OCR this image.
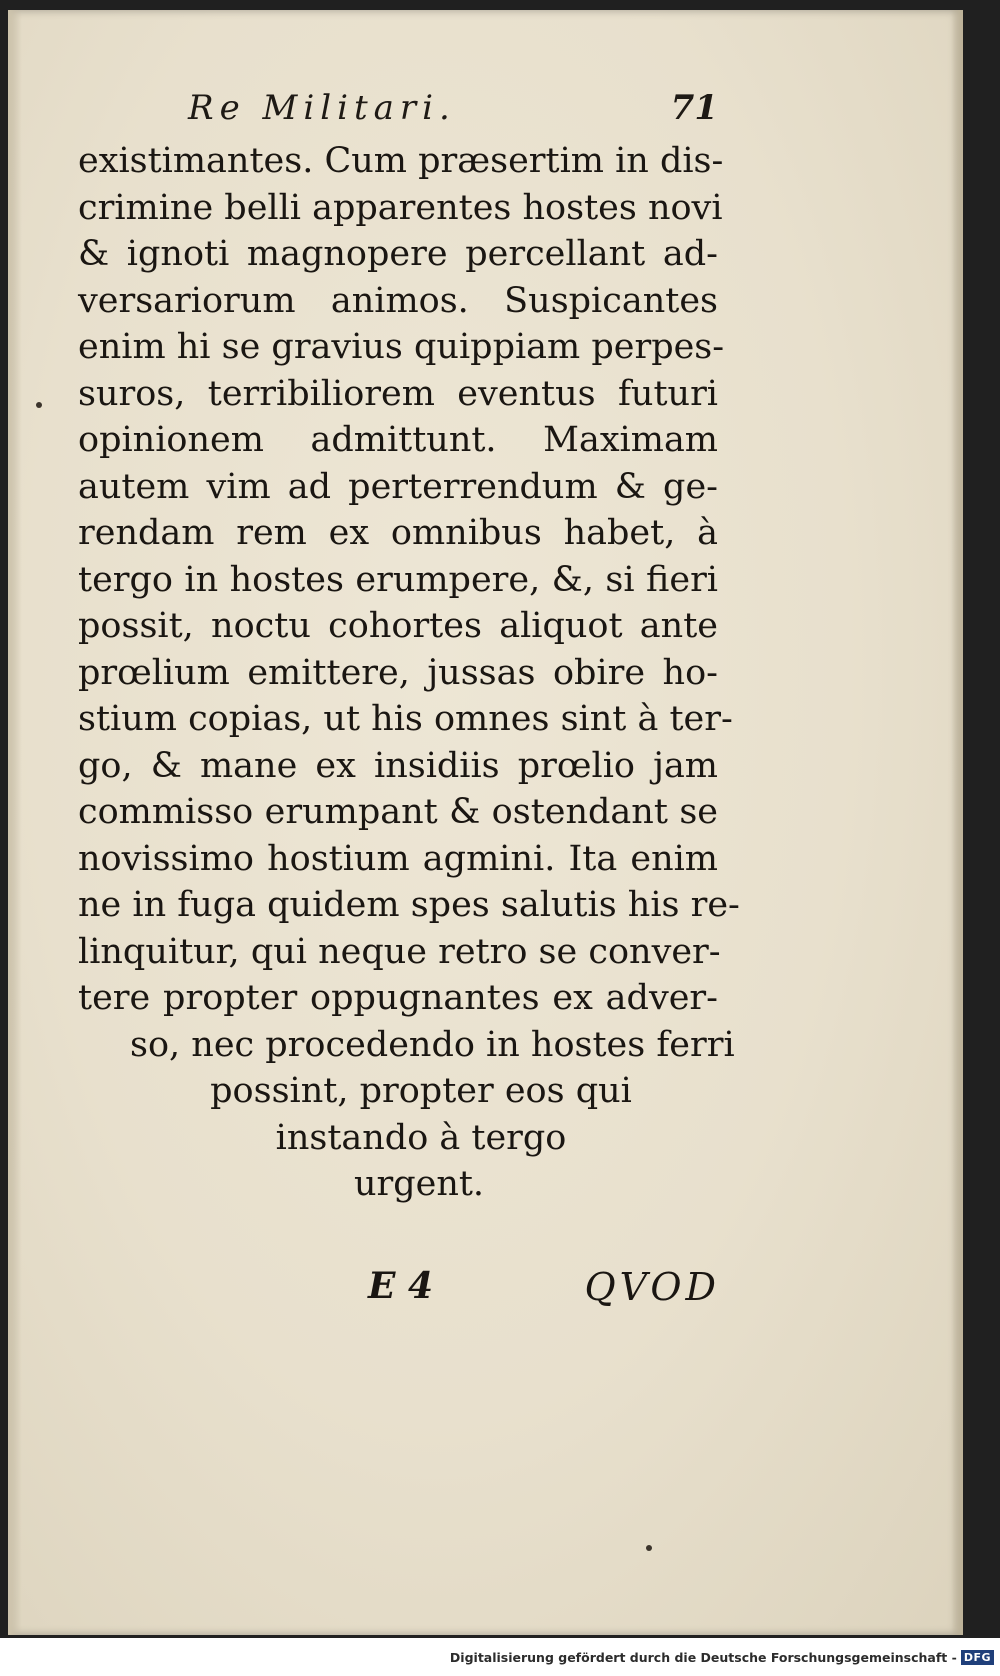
Re Militari.	71
existimantes. Cum præsertim in dis-
crimine belli apparentes hostes novi
& ignoti magnopere percellant ad-
versariorum animos. Suspicantes
enim hi se gravius quippiam perpes-
suros, terribiliorem eventus futuri
opinionem admittunt. Maximam
autem vim ad perterrendum & ge-
rendam rem ex omnibus habet, à
tergo in hostes erumpere, &, si fieri
possit, noctu cohortes aliquot ante
prœlium emittere, jussas obire ho-
stium copias, ut his omnes sint à ter-
go, & mane ex insidiis prœlio jam
commisso erumpant & ostendant se
novissimo hostium agmini. Ita enim
ne in fuga quidem spes salutis his re-
linquitur, qui neque retro se conver-
tere propter oppugnantes ex adver-
so, nec procedendo in hostes ferri
possint, propter eos qui
instando à tergo
urgent.
E 4	QVOD
Digitalisierung gefördert durch die Deutsche Forschungsgemeinschaft - DFG
